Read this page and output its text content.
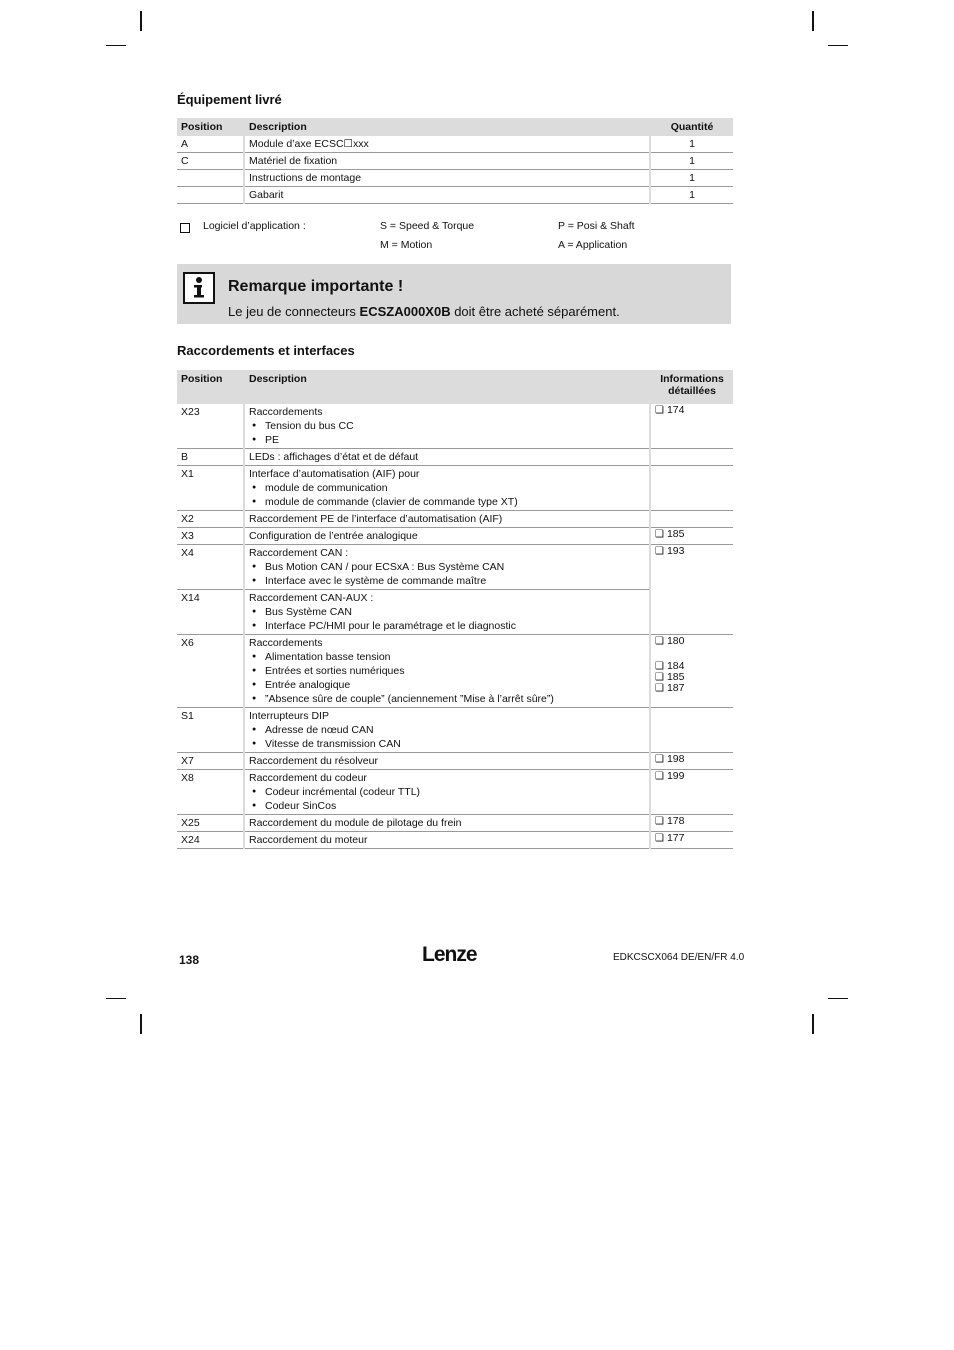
Équipement livré
Position	Description	Quantité
A	Module d’axe ECSC☐xxx	1
C	Matériel de fixation	1
	Instructions de montage	1
	Gabarit	1
Logiciel d’application :	S = Speed & Torque	P = Posi & Shaft
M = Motion	A = Application
Remarque importante !
Le jeu de connecteurs ECSZA000X0B doit être acheté séparément.
Raccordements et interfaces
Position	Description	Informations
détaillées
X23	Raccordements
● Tension du bus CC
● PE	❑ 174

B	LEDs : affichages d’état et de défaut	
X1	Interface d’automatisation (AIF) pour
● module de communication
● module de commande (clavier de commande type XT)

X2	Raccordement PE de l’interface d’automatisation (AIF)	
X3	Configuration de l’entrée analogique	❑ 185

X4	Raccordement CAN :
● Bus Motion CAN / pour ECSxA : Bus Système CAN
● Interface avec le système de commande maître	❑ 193

X14	Raccordement CAN-AUX :
● Bus Système CAN
● Interface PC/HMI pour le paramétrage et le diagnostic

X6	Raccordements
● Alimentation basse tension
● Entrées et sorties numériques
● Entrée analogique
● ”Absence sûre de couple” (anciennement ”Mise à l’arrêt sûre”)	❑ 180
❑ 184
❑ 185
❑ 187

S1	Interrupteurs DIP
● Adresse de nœud CAN
● Vitesse de transmission CAN

X7	Raccordement du résolveur	❑ 198

X8	Raccordement du codeur
● Codeur incrémental (codeur TTL)
● Codeur SinCos	❑ 199

X25	Raccordement du module de pilotage du frein	❑ 178

X24	Raccordement du moteur	❑ 177
138	Lenze	EDKCSCX064 DE/EN/FR 4.0
